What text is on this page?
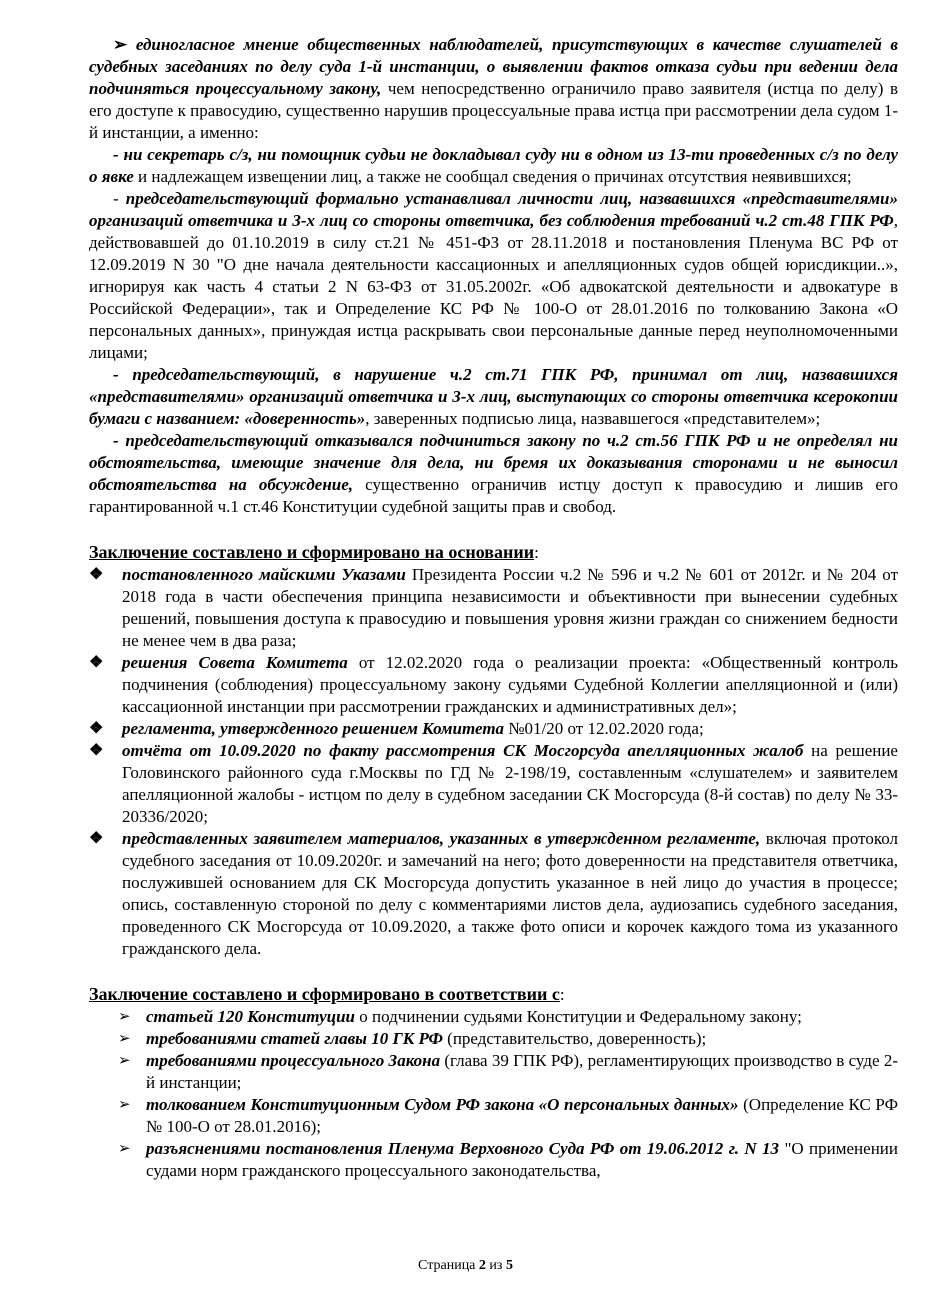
➢ единогласное мнение общественных наблюдателей, присутствующих в качестве слушателей в судебных заседаниях по делу суда 1-й инстанции, о выявлении фактов отказа судьи при ведении дела подчиняться процессуальному закону, чем непосредственно ограничило право заявителя (истца по делу) в его доступе к правосудию, существенно нарушив процессуальные права истца при рассмотрении дела судом 1-й инстанции, а именно:

- ни секретарь с/з, ни помощник судьи не докладывал суду ни в одном из 13-ти проведенных с/з по делу о явке и надлежащем извещении лиц, а также не сообщал сведения о причинах отсутствия неявившихся;

- председательствующий формально устанавливал личности лиц, назвавшихся «представителями» организаций ответчика и 3-х лиц со стороны ответчика, без соблюдения требований ч.2 ст.48 ГПК РФ, действовавшей до 01.10.2019 в силу ст.21 № 451-ФЗ от 28.11.2018 и постановления Пленума ВС РФ от 12.09.2019 N 30 "О дне начала деятельности кассационных и апелляционных судов общей юрисдикции..», игнорируя как часть 4 статьи 2 N 63-ФЗ от 31.05.2002г. «Об адвокатской деятельности и адвокатуре в Российской Федерации», так и Определение КС РФ № 100-О от 28.01.2016 по толкованию Закона «О персональных данных», принуждая истца раскрывать свои персональные данные перед неуполномоченными лицами;

- председательствующий, в нарушение ч.2 ст.71 ГПК РФ, принимал от лиц, назвавшихся «представителями» организаций ответчика и 3-х лиц, выступающих со стороны ответчика ксерокопии бумаги с названием: «доверенность», заверенных подписью лица, назвавшегося «представителем»;

- председательствующий отказывался подчиниться закону по ч.2 ст.56 ГПК РФ и не определял ни обстоятельства, имеющие значение для дела, ни бремя их доказывания сторонами и не выносил обстоятельства на обсуждение, существенно ограничив истцу доступ к правосудию и лишив его гарантированной ч.1 ст.46 Конституции судебной защиты прав и свобод.

Заключение составлено и сформировано на основании:

❖ постановленного майскими Указами Президента России ч.2 № 596 и ч.2 № 601 от 2012г. и № 204 от 2018 года в части обеспечения принципа независимости и объективности при вынесении судебных решений, повышения доступа к правосудию и повышения уровня жизни граждан со снижением бедности не менее чем в два раза;
❖ решения Совета Комитета от 12.02.2020 года о реализации проекта: «Общественный контроль подчинения (соблюдения) процессуальному закону судьями Судебной Коллегии апелляционной и (или) кассационной инстанции при рассмотрении гражданских и административных дел»;
❖ регламента, утвержденного решением Комитета №01/20 от 12.02.2020 года;
❖ отчёта от 10.09.2020 по факту рассмотрения СК Мосгорсуда апелляционных жалоб на решение Головинского районного суда г.Москвы по ГД № 2-198/19, составленным «слушателем» и заявителем апелляционной жалобы - истцом по делу в судебном заседании СК Мосгорсуда (8-й состав) по делу № 33-20336/2020;
❖ представленных заявителем материалов, указанных в утвержденном регламенте, включая протокол судебного заседания от 10.09.2020г. и замечаний на него; фото доверенности на представителя ответчика, послужившей основанием для СК Мосгорсуда допустить указанное в ней лицо до участия в процессе; опись, составленную стороной по делу с комментариями листов дела, аудиозапись судебного заседания, проведенного СК Мосгорсуда от 10.09.2020, а также фото описи и корочек каждого тома из указанного гражданского дела.

Заключение составлено и сформировано в соответствии с:

➢ статьей 120 Конституции о подчинении судьями Конституции и Федеральному закону;
➢ требованиями статей главы 10 ГК РФ (представительство, доверенность);
➢ требованиями процессуального Закона (глава 39 ГПК РФ), регламентирующих производство в суде 2-й инстанции;
➢ толкованием Конституционным Судом РФ закона «О персональных данных» (Определение КС РФ № 100-О от 28.01.2016);
➢ разъяснениями постановления Пленума Верховного Суда РФ от 19.06.2012 г. N 13 "О применении судами норм гражданского процессуального законодательства,
Страница 2 из 5
